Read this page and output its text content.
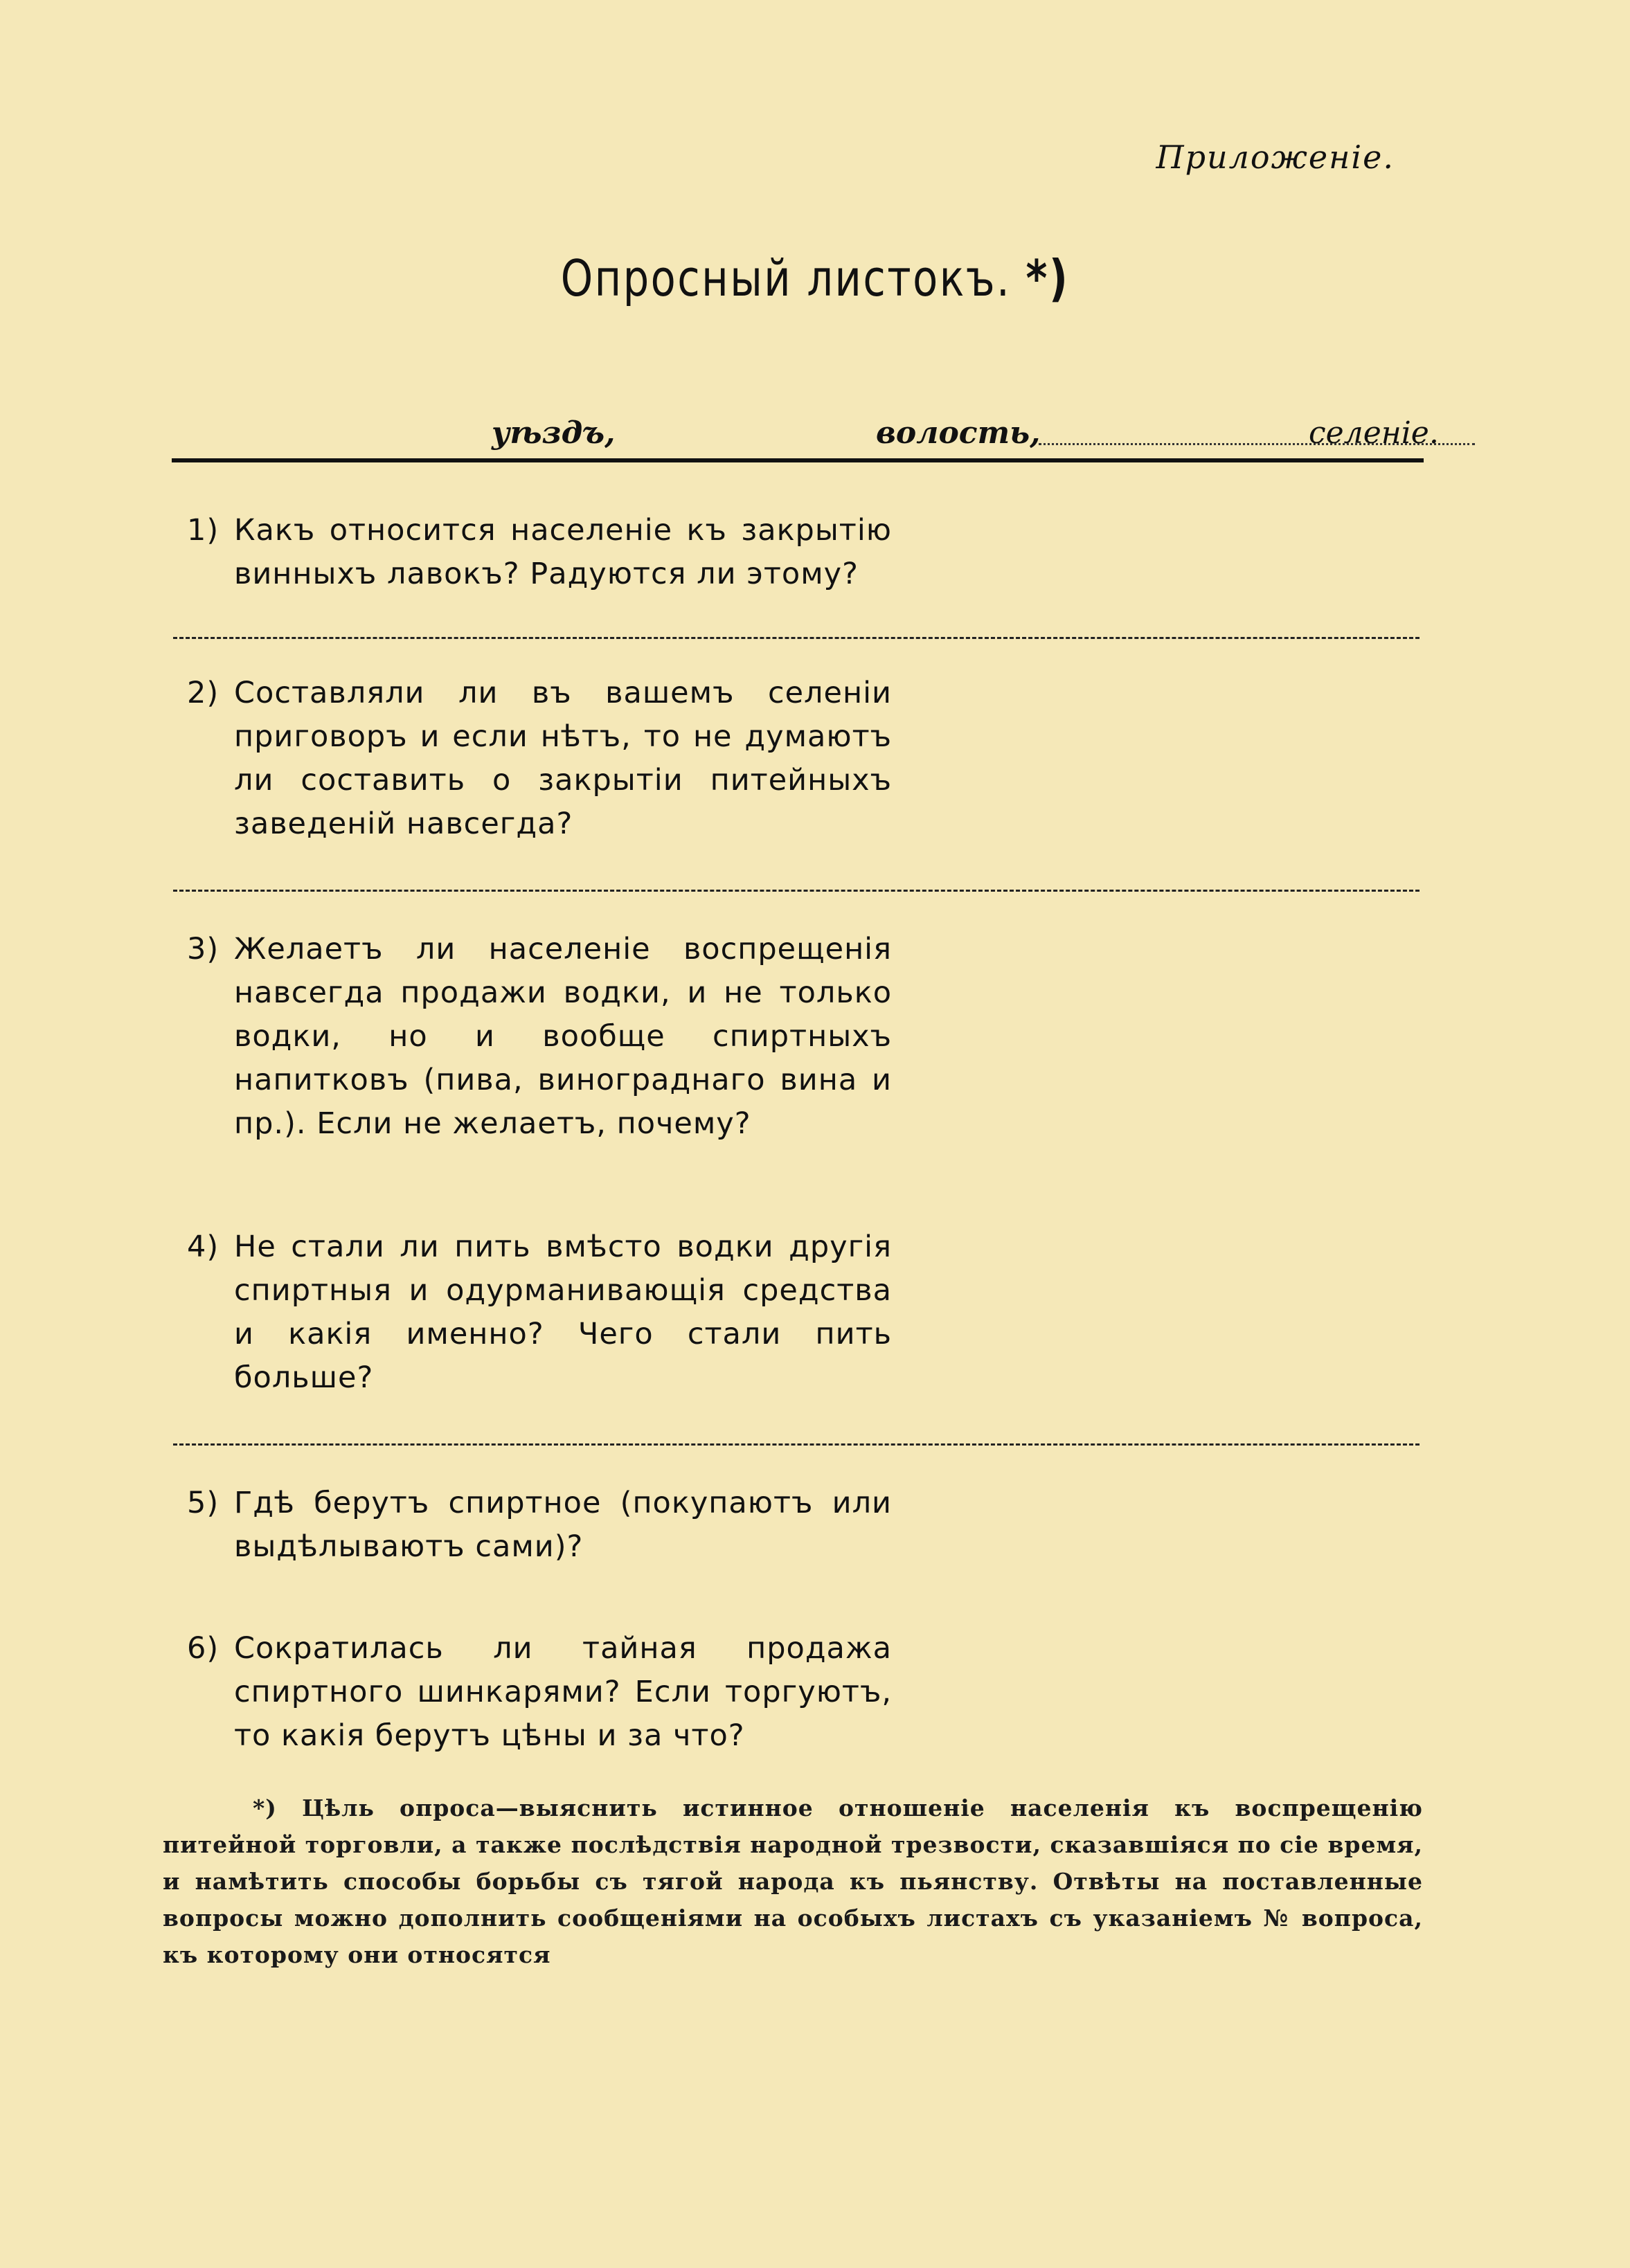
Приложеніе.
Опросный листокъ. *)
уѣздъ,	волость,	селеніе.
1) Какъ относится населеніе къ закрытію винныхъ лавокъ? Радуются ли этому?
2) Составляли ли въ вашемъ селеніи приговоръ и если нѣтъ, то не думаютъ ли составить о закрытіи питейныхъ заведеній навсегда?
3) Желаетъ ли населеніе воспрещенія навсегда продажи водки, и не только водки, но и вообще спиртныхъ напитковъ (пива, винограднаго вина и пр.). Если не желаетъ, почему?
4) Не стали ли пить вмѣсто водки другія спиртныя и одурманивающія средства и какія именно? Чего стали пить больше?
5) Гдѣ берутъ спиртное (покупаютъ или выдѣлываютъ сами)?
6) Сократилась ли тайная продажа спиртного шинкарями? Если торгуютъ, то какія берутъ цѣны и за что?
*) Цѣль опроса—выяснить истинное отношеніе населенія къ воспрещенію питейной торговли, а также послѣдствія народной трезвости, сказавшіяся по сіе время, и намѣтить способы борьбы съ тягой народа къ пьянству. Отвѣты на поставленные вопросы можно дополнить сообщеніями на особыхъ листахъ съ указаніемъ № вопроса, къ которому они относятся
